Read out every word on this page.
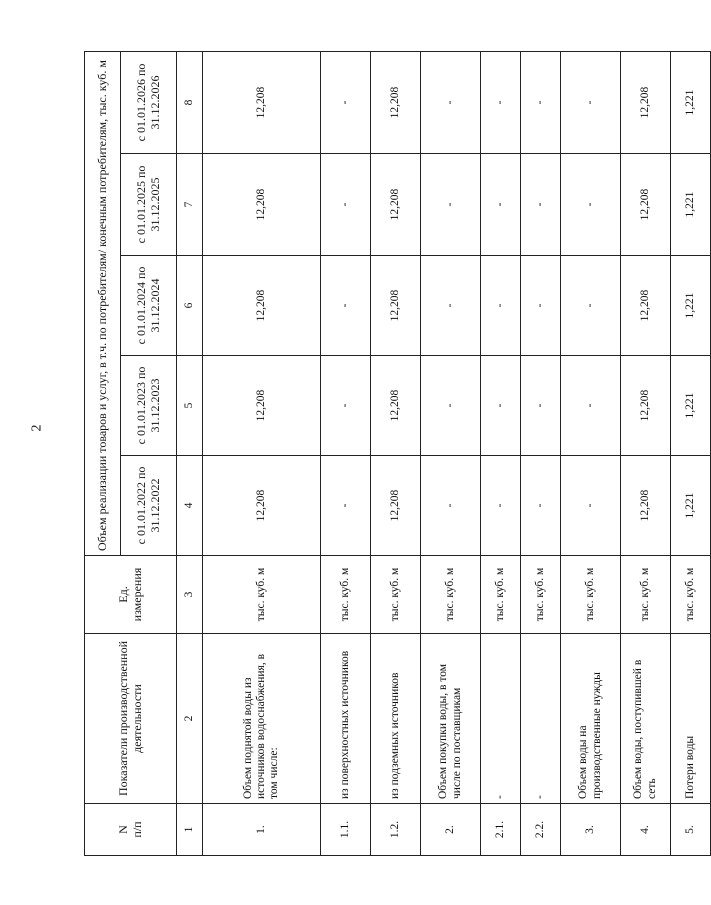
2
N
п/п	Показатели производственной деятельности	Ед. измерения	Объем реализации товаров и услуг, в т.ч. по потребителям/ конечным потребителям, тыс. куб. м				
			с 01.01.2022 по 31.12.2022	с 01.01.2023 по 31.12.2023	с 01.01.2024 по 31.12.2024	с 01.01.2025 по 31.12.2025	с 01.01.2026 по 31.12.2026
1	2	3	4	5	6	7	8
1.	Объем поднятой воды из источников водоснабжения, в том числе:	тыс. куб. м	12,208	12,208	12,208	12,208	12,208
1.1.	из поверхностных источников	тыс. куб. м	-	-	-	-	-
1.2.	из подземных источников	тыс. куб. м	12,208	12,208	12,208	12,208	12,208
2.	Объем покупки воды, в том числе по поставщикам	тыс. куб. м	-	-	-	-	-
2.1.	-	тыс. куб. м	-	-	-	-	-
2.2.	-	тыс. куб. м	-	-	-	-	-
3.	Объем воды на производственные нужды	тыс. куб. м	-	-	-	-	-
4.	Объем воды, поступившей в сеть	тыс. куб. м	12,208	12,208	12,208	12,208	12,208
5.	Потери воды	тыс. куб. м	1,221	1,221	1,221	1,221	1,221
